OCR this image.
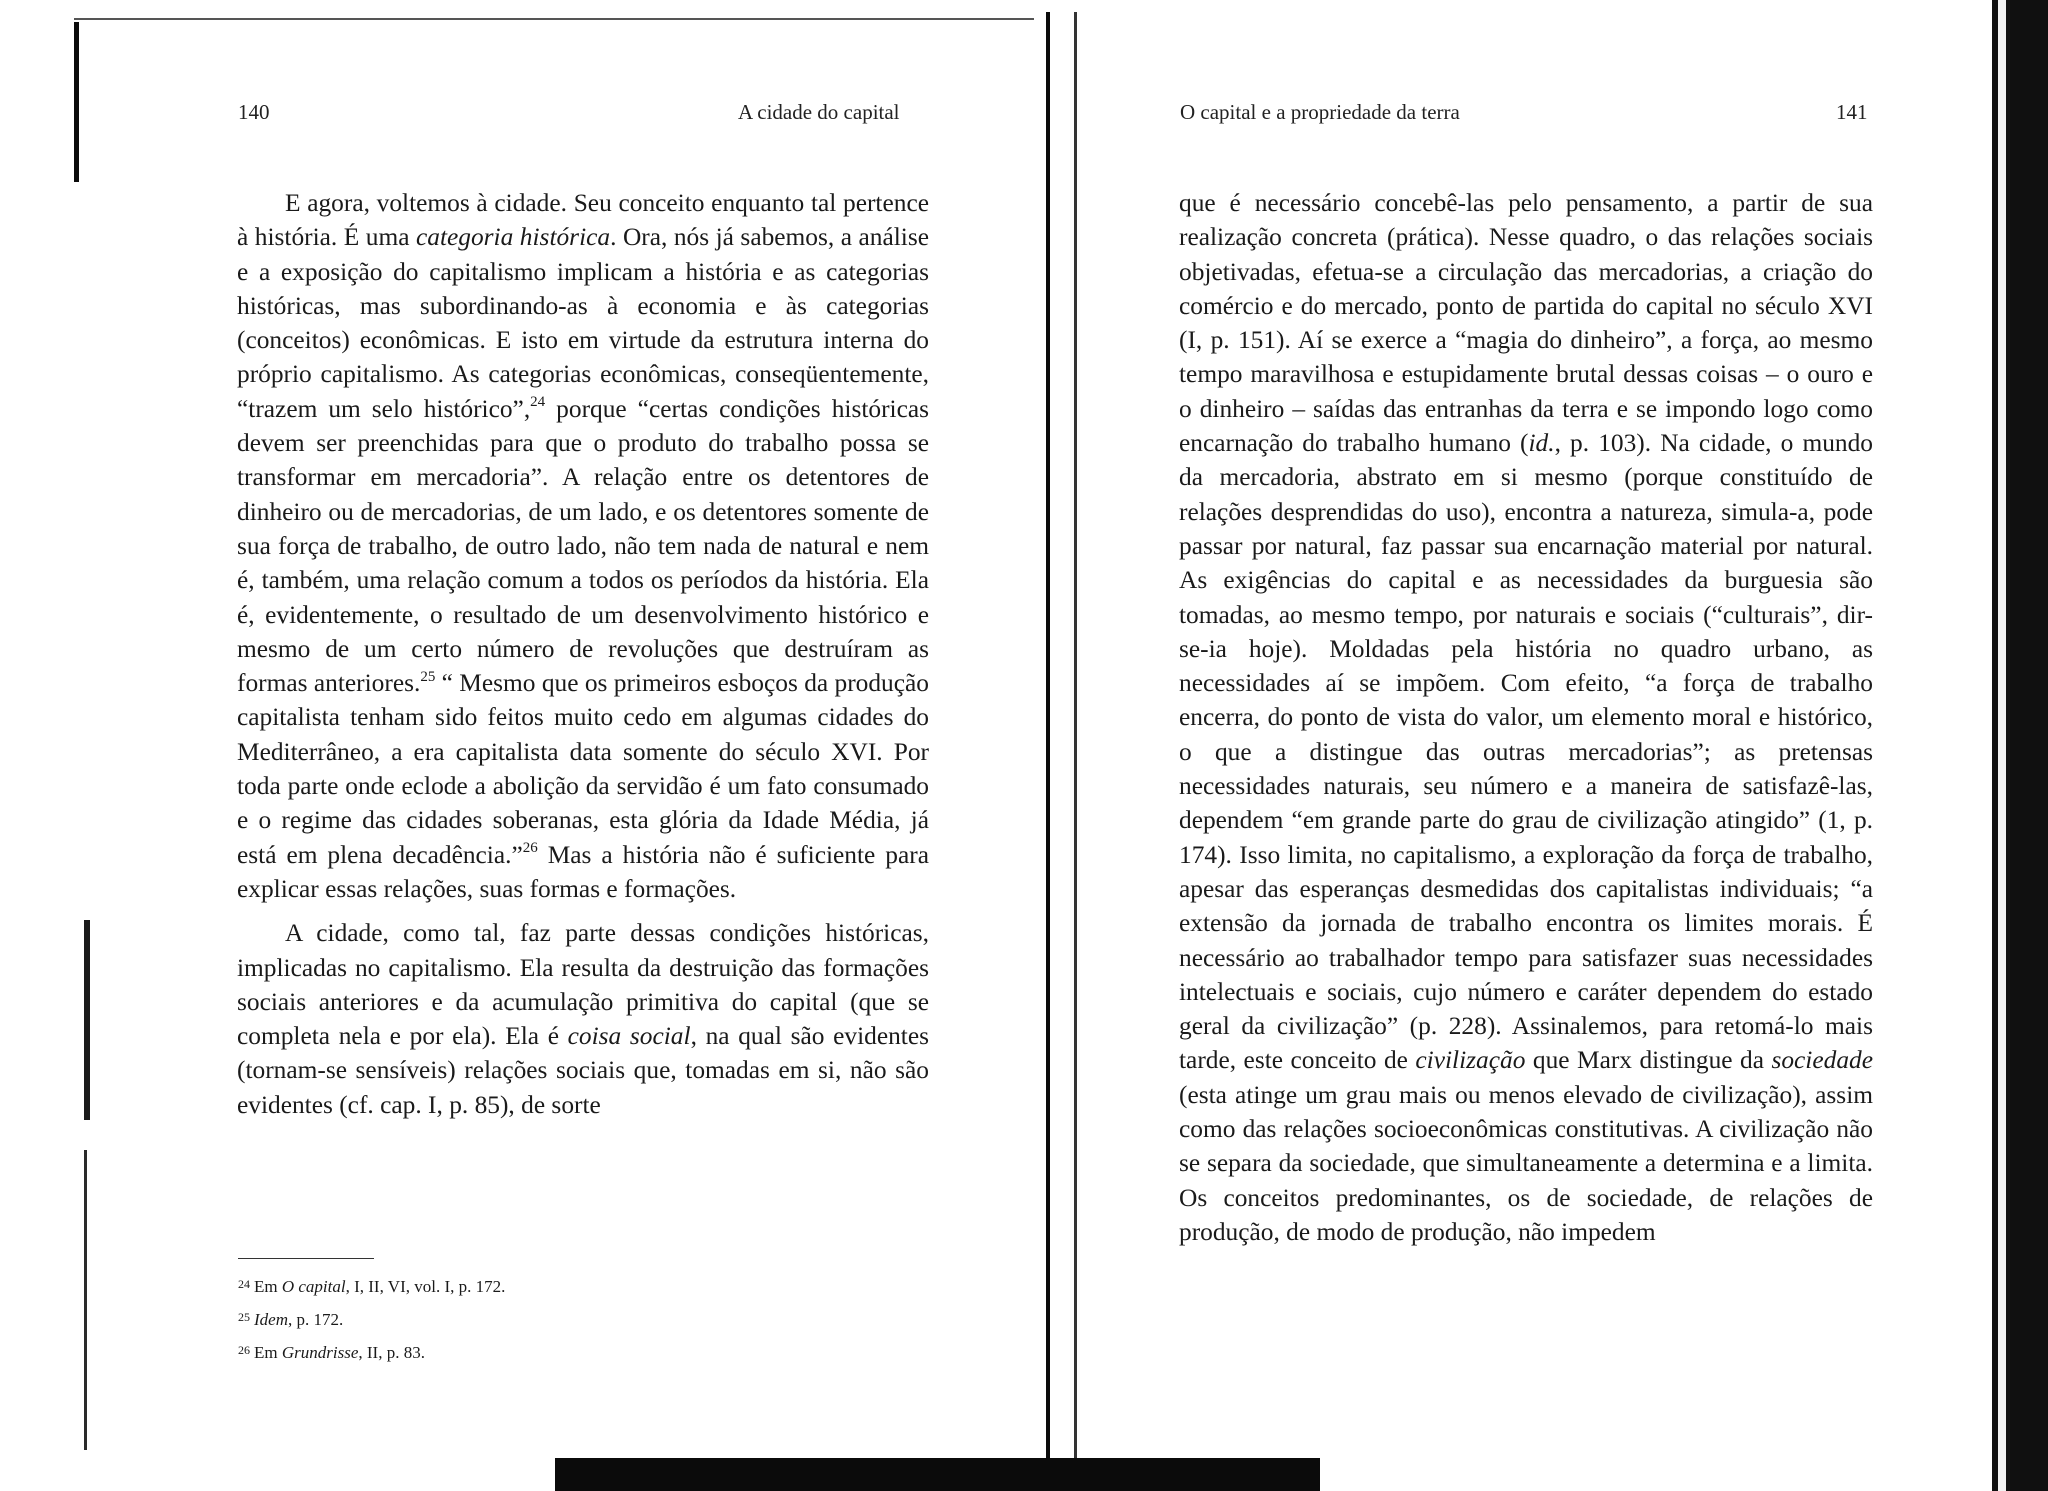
140	A cidade do capital

E agora, voltemos à cidade. Seu conceito enquanto tal pertence à história. É uma categoria histórica. Ora, nós já sabemos, a análise e a exposição do capitalismo implicam a história e as categorias históricas, mas subordinando-as à economia e às categorias (conceitos) econômicas. E isto em virtude da estrutura interna do próprio capitalismo. As categorias econômicas, conseqüentemente, “trazem um selo histórico”,$^{24}$ porque “certas condições históricas devem ser preenchidas para que o produto do trabalho possa se transformar em mercadoria”. A relação entre os detentores de dinheiro ou de mercadorias, de um lado, e os detentores somente de sua força de trabalho, de outro lado, não tem nada de natural e nem é, também, uma relação comum a todos os períodos da história. Ela é, evidentemente, o resultado de um desenvolvimento histórico e mesmo de um certo número de revoluções que destruíram as formas anteriores.$^{25}$ “ Mesmo que os primeiros esboços da produção capitalista tenham sido feitos muito cedo em algumas cidades do Mediterrâneo, a era capitalista data somente do século XVI. Por toda parte onde eclode a abolição da servidão é um fato consumado e o regime das cidades soberanas, esta glória da Idade Média, já está em plena decadência.”$^{26}$ Mas a história não é suficiente para explicar essas relações, suas formas e formações.

A cidade, como tal, faz parte dessas condições históricas, implicadas no capitalismo. Ela resulta da destruição das formações sociais anteriores e da acumulação primitiva do capital (que se completa nela e por ela). Ela é coisa social, na qual são evidentes (tornam-se sensíveis) relações sociais que, tomadas em si, não são evidentes (cf. cap. I, p. 85), de sorte

$^{24}$ Em O capital, I, II, VI, vol. I, p. 172.
$^{25}$ Idem, p. 172.
$^{26}$ Em Grundrisse, II, p. 83.
O capital e a propriedade da terra	141

que é necessário concebê-las pelo pensamento, a partir de sua realização concreta (prática). Nesse quadro, o das relações sociais objetivadas, efetua-se a circulação das mercadorias, a criação do comércio e do mercado, ponto de partida do capital no século XVI (I, p. 151). Aí se exerce a “magia do dinheiro”, a força, ao mesmo tempo maravilhosa e estupidamente brutal dessas coisas – o ouro e o dinheiro – saídas das entranhas da terra e se impondo logo como encarnação do trabalho humano (id., p. 103). Na cidade, o mundo da mercadoria, abstrato em si mesmo (porque constituído de relações desprendidas do uso), encontra a natureza, simula-a, pode passar por natural, faz passar sua encarnação material por natural. As exigências do capital e as necessidades da burguesia são tomadas, ao mesmo tempo, por naturais e sociais (“culturais”, dir-se-ia hoje). Moldadas pela história no quadro urbano, as necessidades aí se impõem. Com efeito, “a força de trabalho encerra, do ponto de vista do valor, um elemento moral e histórico, o que a distingue das outras mercadorias”; as pretensas necessidades naturais, seu número e a maneira de satisfazê-las, dependem “em grande parte do grau de civilização atingido” (1, p. 174). Isso limita, no capitalismo, a exploração da força de trabalho, apesar das esperanças desmedidas dos capitalistas individuais; “a extensão da jornada de trabalho encontra os limites morais. É necessário ao trabalhador tempo para satisfazer suas necessidades intelectuais e sociais, cujo número e caráter dependem do estado geral da civilização” (p. 228). Assinalemos, para retomá-lo mais tarde, este conceito de civilização que Marx distingue da sociedade (esta atinge um grau mais ou menos elevado de civilização), assim como das relações socioeconômicas constitutivas. A civilização não se separa da sociedade, que simultaneamente a determina e a limita. Os conceitos predominantes, os de sociedade, de relações de produção, de modo de produção, não impedem
